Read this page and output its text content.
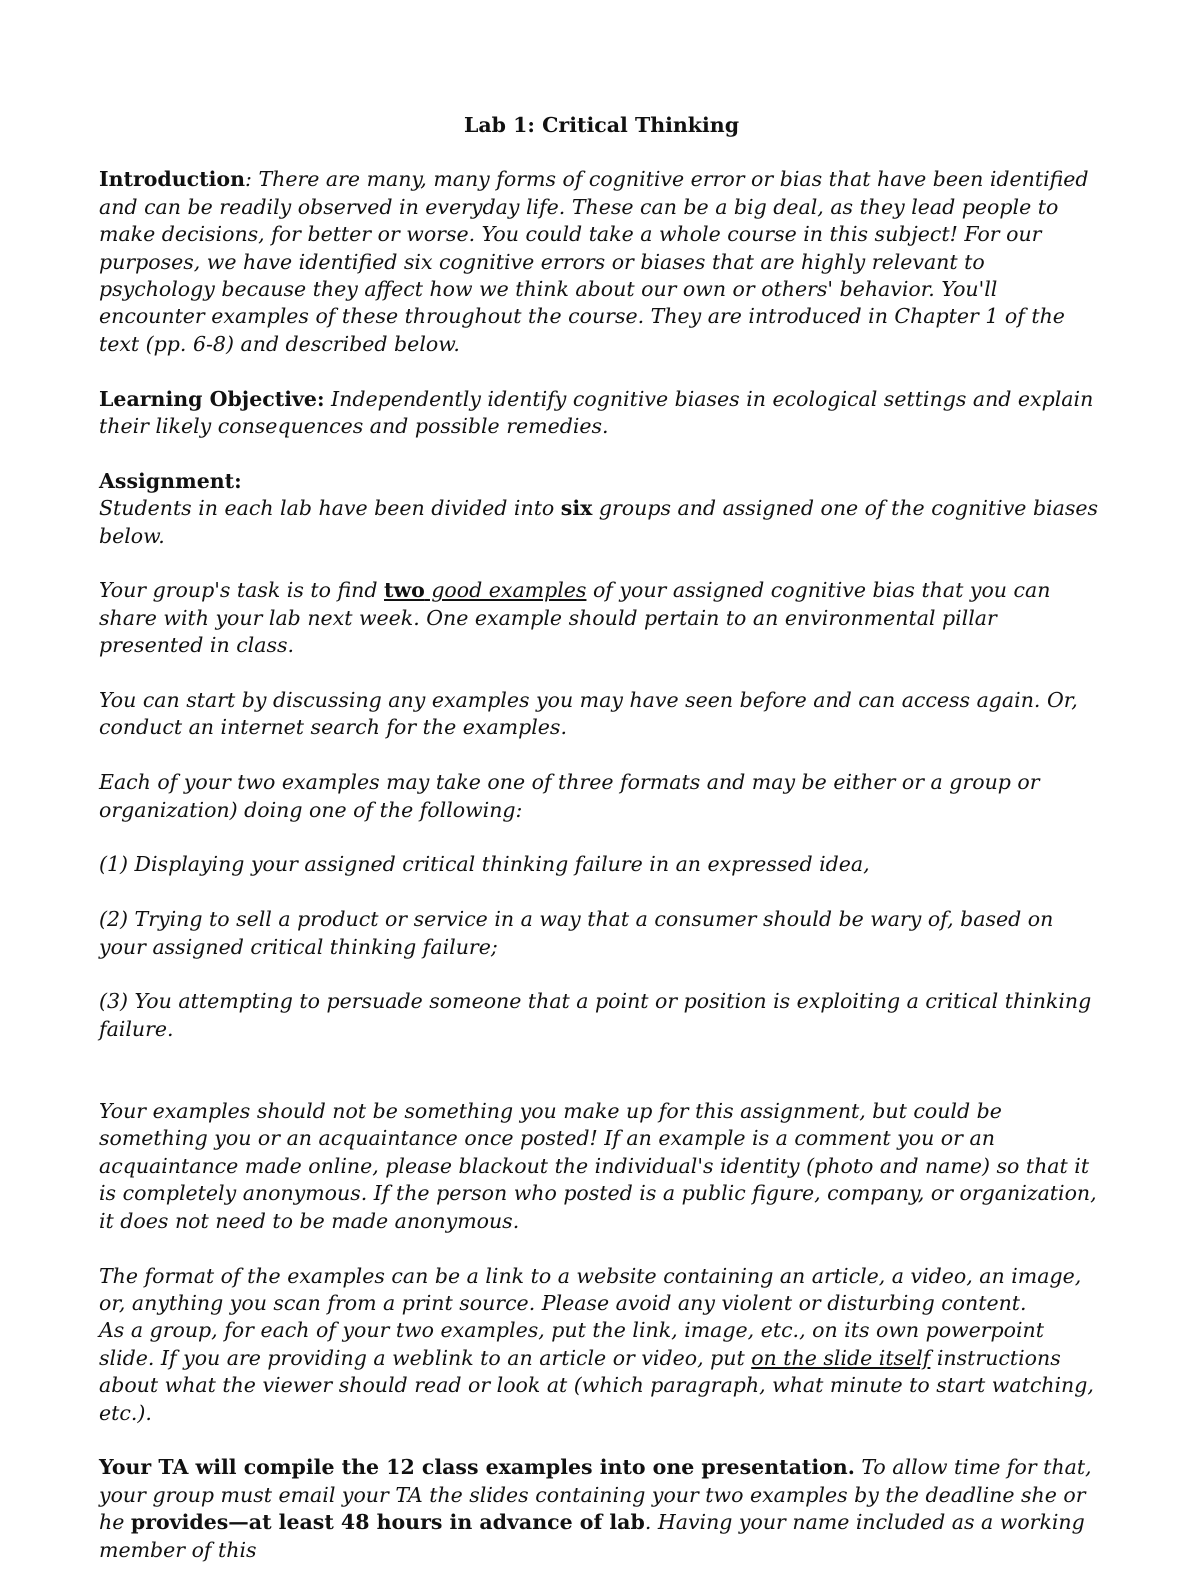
Lab 1: Critical Thinking

Introduction: There are many, many forms of cognitive error or bias that have been identified and can be readily observed in everyday life. These can be a big deal, as they lead people to make decisions, for better or worse. You could take a whole course in this subject! For our purposes, we have identified six cognitive errors or biases that are highly relevant to psychology because they affect how we think about our own or others' behavior. You'll encounter examples of these throughout the course. They are introduced in Chapter 1 of the text (pp. 6-8) and described below.

Learning Objective: Independently identify cognitive biases in ecological settings and explain their likely consequences and possible remedies.

Assignment:

Students in each lab have been divided into six groups and assigned one of the cognitive biases below.

Your group's task is to find two good examples of your assigned cognitive bias that you can share with your lab next week. One example should pertain to an environmental pillar presented in class.

You can start by discussing any examples you may have seen before and can access again. Or, conduct an internet search for the examples.

Each of your two examples may take one of three formats and may be either or a group or organization) doing one of the following:

(1) Displaying your assigned critical thinking failure in an expressed idea,

(2) Trying to sell a product or service in a way that a consumer should be wary of, based on your assigned critical thinking failure;

(3) You attempting to persuade someone that a point or position is exploiting a critical thinking failure.

Your examples should not be something you make up for this assignment, but could be something you or an acquaintance once posted! If an example is a comment you or an acquaintance made online, please blackout the individual's identity (photo and name) so that it is completely anonymous. If the person who posted is a public figure, company, or organization, it does not need to be made anonymous.

The format of the examples can be a link to a website containing an article, a video, an image, or, anything you scan from a print source. Please avoid any violent or disturbing content.

As a group, for each of your two examples, put the link, image, etc., on its own powerpoint slide. If you are providing a weblink to an article or video, put on the slide itself instructions about what the viewer should read or look at (which paragraph, what minute to start watching, etc.).

Your TA will compile the 12 class examples into one presentation. To allow time for that, your group must email your TA the slides containing your two examples by the deadline she or he provides—at least 48 hours in advance of lab. Having your name included as a working member of this
